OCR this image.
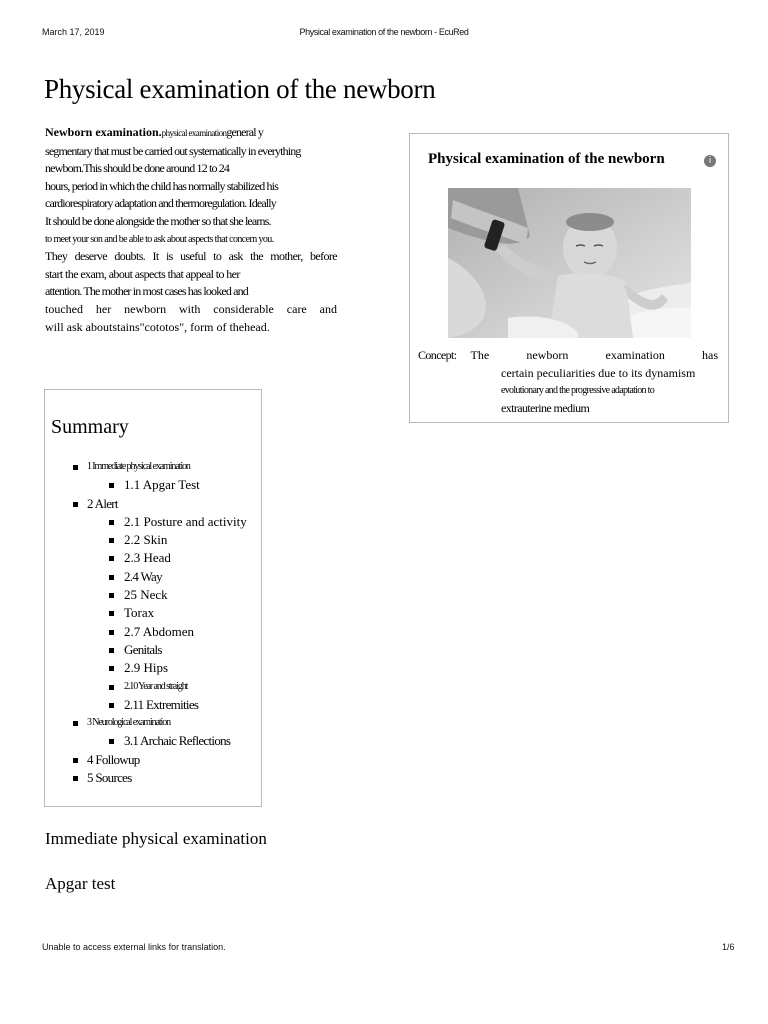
March 17, 2019	Physical examination of the newborn - EcuRed
Physical examination of the newborn
Newborn examination.physical examinationgeneral y
segmentary that must be carried out systematically in everything
newborn.This should be done around 12 to 24
hours, period in which the child has normally stabilized his
cardiorespiratory adaptation and thermoregulation. Ideally
It should be done alongside the mother so that she learns.
to meet your son and be able to ask about aspects that concern you.
They deserve doubts. It is useful to ask the mother, before
start the exam, about aspects that appeal to her
attention. The mother in most cases has looked and
touched her newborn with considerable care and
will ask aboutstains"cototos", form of thehead.
Physical examination of the newborn	i
Concept: The newborn examination has
certain peculiarities due to its dynamism
evolutionary and the progressive adaptation to
extrauterine medium
Summary
1 Immediate physical examination
1.1 Apgar Test
2 Alert
2.1 Posture and activity
2.2 Skin
2.3 Head
2.4 Way
25 Neck
Torax
2.7 Abdomen
Genitals
2.9 Hips
2.10 Year and straight
2.11 Extremities
3 Neurological examination
3.1 Archaic Reflections
4 Followup
5 Sources
Immediate physical examination
Apgar test
Unable to access external links for translation.	1/6
